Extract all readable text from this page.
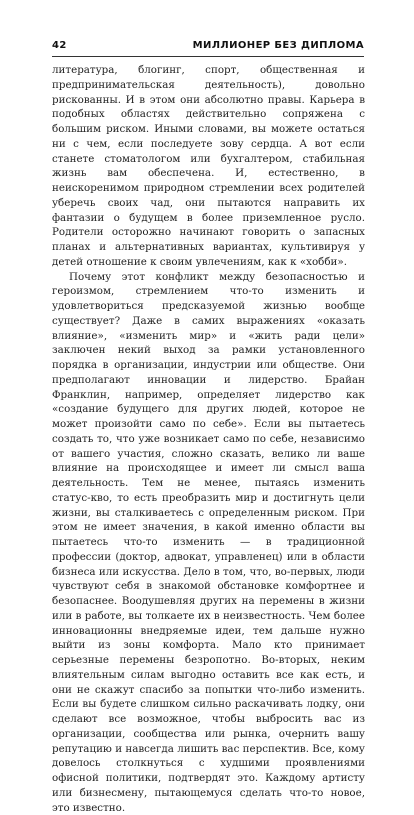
42	МИЛЛИОНЕР БЕЗ ДИПЛОМА
литература, блогинг, спорт, общественная и
предпринимательская деятельность), довольно
рискованны. И в этом они абсолютно правы. Карьера в
подобных областях действительно сопряжена с
большим риском. Иными словами, вы можете остаться
ни с чем, если последуете зову сердца. А вот если
станете стоматологом или бухгалтером, стабильная
жизнь вам обеспечена. И, естественно, в
неискоренимом природном стремлении всех родителей
уберечь своих чад, они пытаются направить их
фантазии о будущем в более приземленное русло.
Родители осторожно начинают говорить о запасных
планах и альтернативных вариантах, культивируя у
детей отношение к своим увлечениям, как к «хобби».
Почему этот конфликт между безопасностью и
героизмом, стремлением что-то изменить и
удовлетвориться предсказуемой жизнью вообще
существует? Даже в самих выражениях «оказать
влияние», «изменить мир» и «жить ради цели»
заключен некий выход за рамки установленного
порядка в организации, индустрии или обществе. Они
предполагают инновации и лидерство. Брайан
Франклин, например, определяет лидерство как
«создание будущего для других людей, которое не
может произойти само по себе». Если вы пытаетесь
создать то, что уже возникает само по себе, независимо
от вашего участия, сложно сказать, велико ли ваше
влияние на происходящее и имеет ли смысл ваша
деятельность. Тем не менее, пытаясь изменить
статус-кво, то есть преобразить мир и достигнуть цели
жизни, вы сталкиваетесь с определенным риском. При
этом не имеет значения, в какой именно области вы
пытаетесь что-то изменить — в традиционной
профессии (доктор, адвокат, управленец) или в области
бизнеса или искусства. Дело в том, что, во-первых, люди
чувствуют себя в знакомой обстановке комфортнее и
безопаснее. Воодушевляя других на перемены в жизни
или в работе, вы толкаете их в неизвестность. Чем более
инновационны внедряемые идеи, тем дальше нужно
выйти из зоны комфорта. Мало кто принимает
серьезные перемены безропотно. Во-вторых, неким
влиятельным силам выгодно оставить все как есть, и
они не скажут спасибо за попытки что-либо изменить.
Если вы будете слишком сильно раскачивать лодку, они
сделают все возможное, чтобы выбросить вас из
организации, сообщества или рынка, очернить вашу
репутацию и навсегда лишить вас перспектив. Все, кому
довелось столкнуться с худшими проявлениями
офисной политики, подтвердят это. Каждому артисту
или бизнесмену, пытающемуся сделать что-то новое,
это известно.
